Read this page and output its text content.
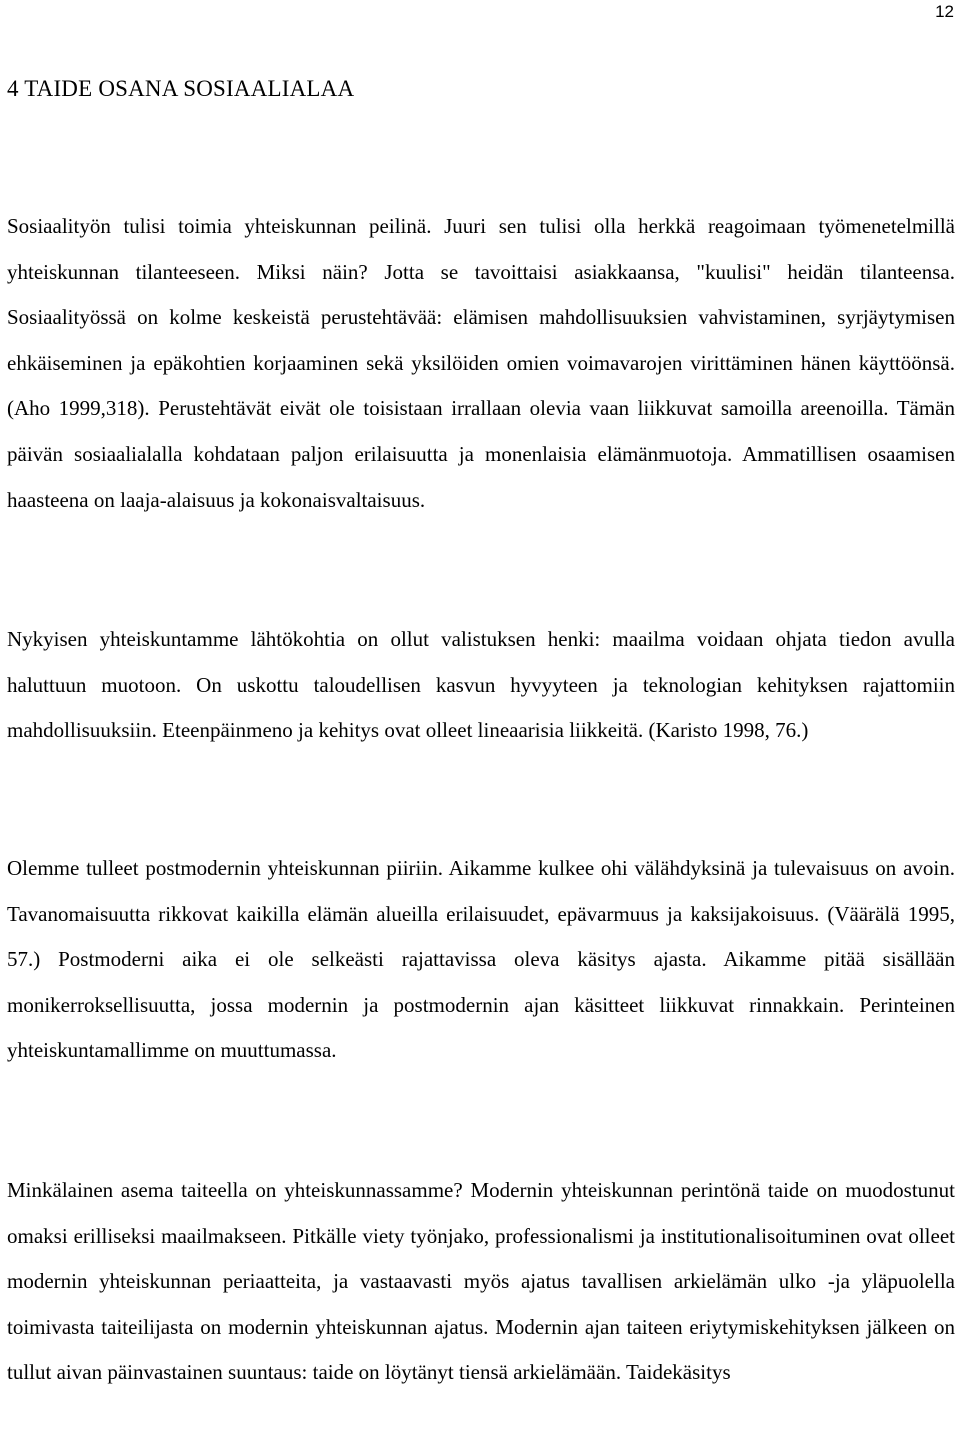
12
4 TAIDE OSANA SOSIAALIALAA

Sosiaalityön tulisi toimia yhteiskunnan peilinä. Juuri sen tulisi olla herkkä reagoimaan työmenetelmillä yhteiskunnan tilanteeseen. Miksi näin? Jotta se tavoittaisi asiakkaansa, "kuulisi" heidän tilanteensa. Sosiaalityössä on kolme keskeistä perustehtävää: elämisen mahdollisuuksien vahvistaminen, syrjäytymisen ehkäiseminen ja epäkohtien korjaaminen sekä yksilöiden omien voimavarojen virittäminen hänen käyttöönsä. (Aho 1999,318). Perustehtävät eivät ole toisistaan irrallaan olevia vaan liikkuvat samoilla areenoilla. Tämän päivän sosiaalialalla kohdataan paljon erilaisuutta ja monenlaisia elämänmuotoja. Ammatillisen osaamisen haasteena on laaja-alaisuus ja kokonaisvaltaisuus.

Nykyisen yhteiskuntamme lähtökohtia on ollut valistuksen henki: maailma voidaan ohjata tiedon avulla haluttuun muotoon. On uskottu taloudellisen kasvun hyvyyteen ja teknologian kehityksen rajattomiin mahdollisuuksiin. Eteenpäinmeno ja kehitys ovat olleet lineaarisia liikkeitä. (Karisto 1998, 76.)

Olemme tulleet postmodernin yhteiskunnan piiriin. Aikamme kulkee ohi välähdyksinä ja tulevaisuus on avoin. Tavanomaisuutta rikkovat kaikilla elämän alueilla erilaisuudet, epävarmuus ja kaksijakoisuus. (Väärälä 1995, 57.) Postmoderni aika ei ole selkeästi rajattavissa oleva käsitys ajasta. Aikamme pitää sisällään monikerroksellisuutta, jossa modernin ja postmodernin ajan käsitteet liikkuvat rinnakkain. Perinteinen yhteiskuntamallimme on muuttumassa.

Minkälainen asema taiteella on yhteiskunnassamme? Modernin yhteiskunnan perintönä taide on muodostunut omaksi erilliseksi maailmakseen. Pitkälle viety työnjako, professionalismi ja institutionalisoituminen ovat olleet modernin yhteiskunnan periaatteita, ja vastaavasti myös ajatus tavallisen arkielämän ulko -ja yläpuolella toimivasta taiteilijasta on modernin yhteiskunnan ajatus. Modernin ajan taiteen eriytymiskehityksen jälkeen on tullut aivan päinvastainen suuntaus: taide on löytänyt tiensä arkielämään. Taidekäsitys
